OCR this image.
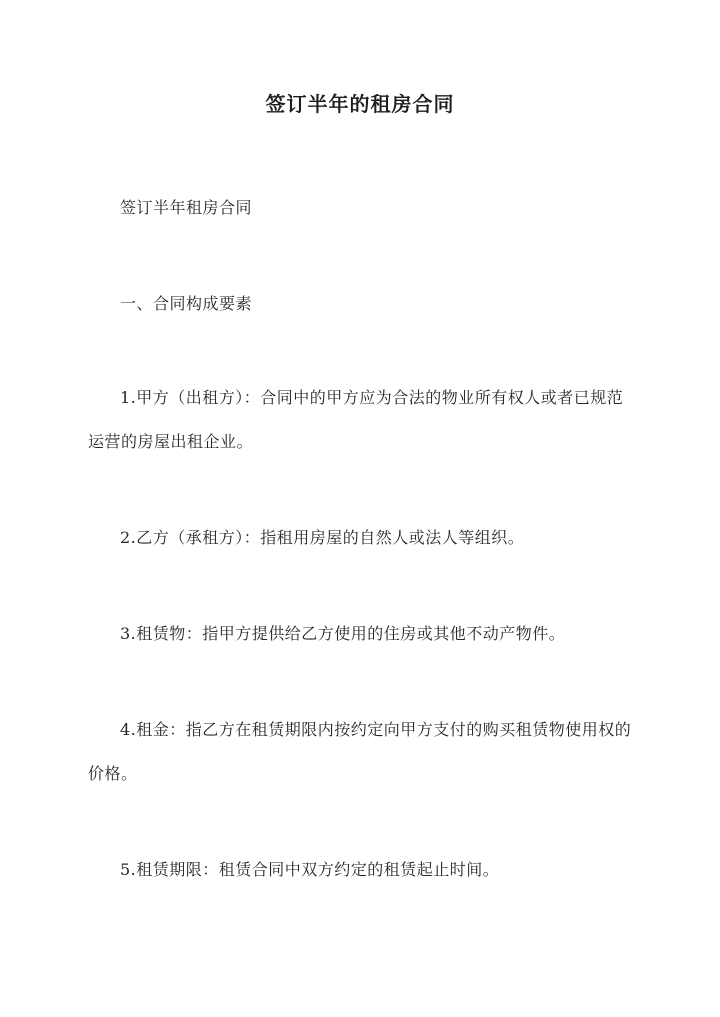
签订半年的租房合同

签订半年租房合同

一、合同构成要素

1.甲方（出租方）：合同中的甲方应为合法的物业所有权人或者已规范运营的房屋出租企业。

2.乙方（承租方）：指租用房屋的自然人或法人等组织。

3.租赁物：指甲方提供给乙方使用的住房或其他不动产物件。

4.租金：指乙方在租赁期限内按约定向甲方支付的购买租赁物使用权的价格。

5.租赁期限：租赁合同中双方约定的租赁起止时间。
